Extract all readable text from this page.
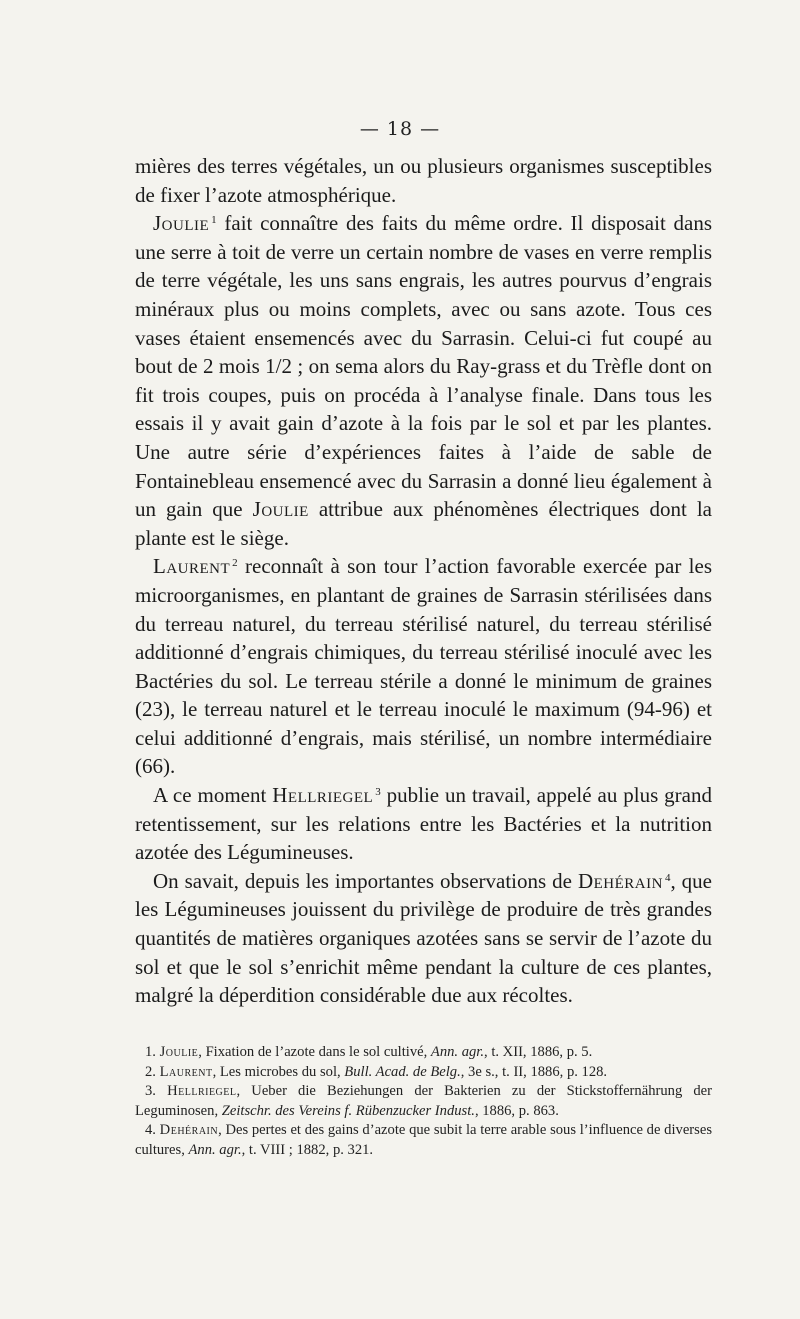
— 18 —

mières des terres végétales, un ou plusieurs organismes susceptibles de fixer l’azote atmosphérique.

Joulie $^1$ fait connaître des faits du même ordre. Il disposait dans une serre à toit de verre un certain nombre de vases en verre remplis de terre végétale, les uns sans engrais, les autres pourvus d’engrais minéraux plus ou moins complets, avec ou sans azote. Tous ces vases étaient ensemencés avec du Sarrasin. Celui-ci fut coupé au bout de 2 mois 1/2 ; on sema alors du Ray-grass et du Trèfle dont on fit trois coupes, puis on procéda à l’analyse finale. Dans tous les essais il y avait gain d’azote à la fois par le sol et par les plantes. Une autre série d’expériences faites à l’aide de sable de Fontainebleau ensemencé avec du Sarrasin a donné lieu également à un gain que Joulie attribue aux phénomènes électriques dont la plante est le siège.

Laurent $^2$ reconnaît à son tour l’action favorable exercée par les microorganismes, en plantant de graines de Sarrasin stérilisées dans du terreau naturel, du terreau stérilisé naturel, du terreau stérilisé additionné d’engrais chimiques, du terreau stérilisé inoculé avec les Bactéries du sol. Le terreau stérile a donné le minimum de graines (23), le terreau naturel et le terreau inoculé le maximum (94-96) et celui additionné d’engrais, mais stérilisé, un nombre intermédiaire (66).

A ce moment Hellriegel $^3$ publie un travail, appelé au plus grand retentissement, sur les relations entre les Bactéries et la nutrition azotée des Légumineuses.

On savait, depuis les importantes observations de Dehérain $^4$, que les Légumineuses jouissent du privilège de produire de très grandes quantités de matières organiques azotées sans se servir de l’azote du sol et que le sol s’enrichit même pendant la culture de ces plantes, malgré la déperdition considérable due aux récoltes.

1. Joulie, Fixation de l’azote dans le sol cultivé, Ann. agr., t. XII, 1886, p. 5.

2. Laurent, Les microbes du sol, Bull. Acad. de Belg., 3e s., t. II, 1886, p. 128.

3. Hellriegel, Ueber die Beziehungen der Bakterien zu der Stickstoffernährung der Leguminosen, Zeitschr. des Vereins f. Rübenzucker Indust., 1886, p. 863.

4. Dehérain, Des pertes et des gains d’azote que subit la terre arable sous l’influence de diverses cultures, Ann. agr., t. VIII ; 1882, p. 321.
